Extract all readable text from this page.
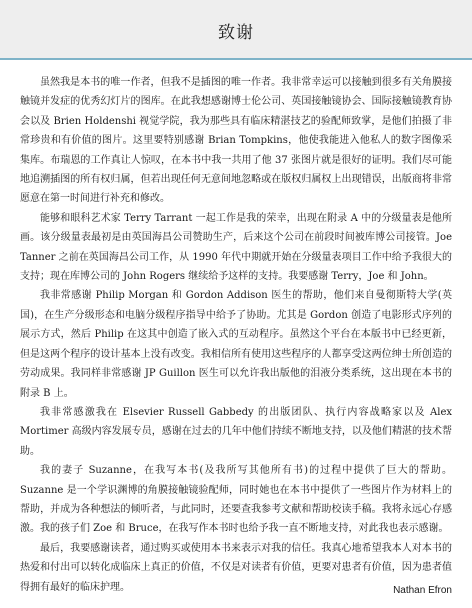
致谢

虽然我是本书的唯一作者，但我不是插图的唯一作者。我非常幸运可以接触到很多有关角膜接触镜并发症的优秀幻灯片的图库。在此我想感谢博士伦公司、英国接触镜协会、国际接触镜教育协会以及 Brien Holdenshi 视觉学院，我为那些具有临床精湛技艺的验配师致掌，是他们拍摄了非常珍贵和有价值的图片。这里要特别感谢 Brian Tompkins，他使我能进入他私人的数字图像采集库。布瑞恩的工作真让人惊叹，在本书中我一共用了他 37 张图片就是很好的证明。我们尽可能地追溯插图的所有权归属，但若出现任何无意间地忽略或在版权归属权上出现错误，出版商将非常愿意在第一时间进行补充和修改。

能够和眼科艺术家 Terry Tarrant 一起工作是我的荣幸，出现在附录 A 中的分级量表是他所画。该分级量表最初是由英国海昌公司赞助生产，后来这个公司在前段时间被库博公司接管。Joe Tanner 之前在英国海昌公司工作，从 1990 年代中期就开始在分级量表项目工作中给予我很大的支持；现在库博公司的 John Rogers 继续给予这样的支持。我要感谢 Terry，Joe 和 John。

我非常感谢 Philip Morgan 和 Gordon Addison 医生的帮助，他们来自曼彻斯特大学(英国)，在生产分级形态和电脑分级程序指导中给予了协助。尤其是 Gordon 创造了电影形式序列的展示方式，然后 Philip 在这其中创造了嵌入式的互动程序。虽然这个平台在本版书中已经更新，但是这两个程序的设计基本上没有改变。我相信所有使用这些程序的人都享受这两位绅士所创造的劳动成果。我同样非常感谢 JP Guillon 医生可以允许我出版他的泪液分类系统，这出现在本书的附录 B 上。

我非常感激我在 Elsevier Russell Gabbedy 的出版团队、执行内容战略家以及 Alex Mortimer 高级内容发展专员，感谢在过去的几年中他们持续不断地支持，以及他们精湛的技术帮助。

我的妻子 Suzanne，在我写本书(及我所写其他所有书)的过程中提供了巨大的帮助。Suzanne 是一个学识渊博的角膜接触镜验配师，同时她也在本书中提供了一些图片作为材料上的帮助，并成为各种想法的倾听者，与此同时，还要查我参考文献和帮助校读手稿。我将永远心存感激。我的孩子们 Zoe 和 Bruce，在我写作本书时也给予我一直不断地支持，对此我也表示感谢。

最后，我要感谢读者，通过购买或使用本书来表示对我的信任。我真心地希望我本人对本书的热爱和付出可以转化成临床上真正的价值，不仅是对读者有价值，更要对患者有价值，因为患者值得拥有最好的临床护理。	Nathan Efron
